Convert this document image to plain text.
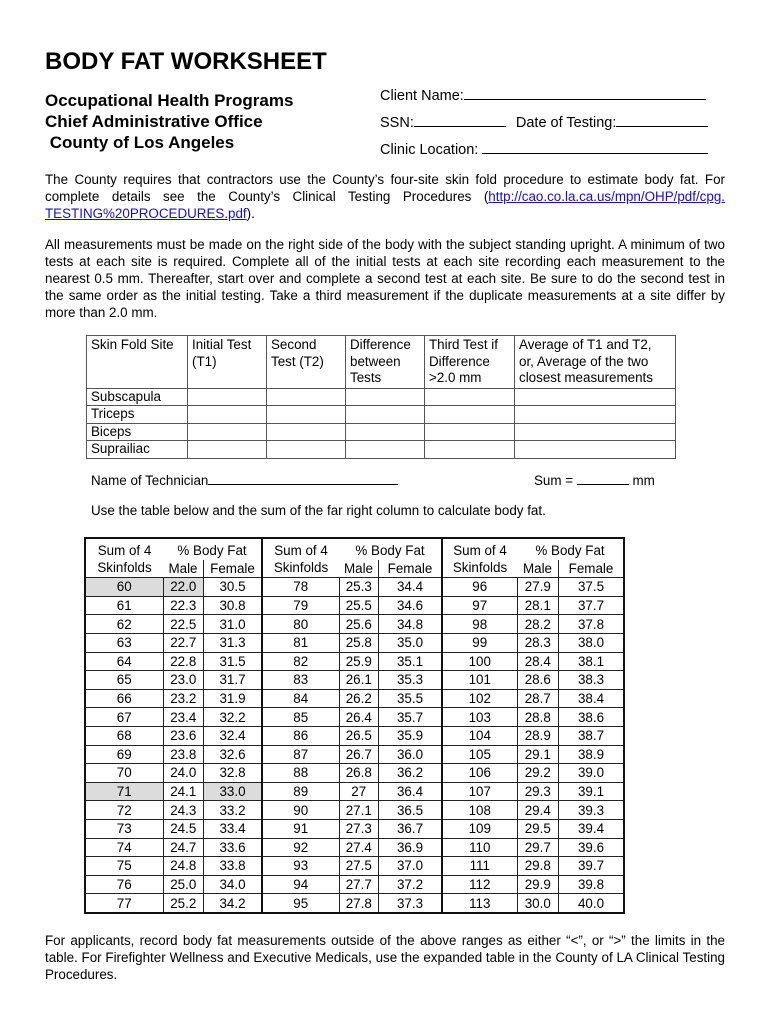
BODY FAT WORKSHEET
Occupational Health Programs
Chief Administrative Office
County of Los Angeles
Client Name:
SSN:	Date of Testing:
Clinic Location:
The County requires that contractors use the County’s four-site skin fold procedure to estimate body fat. For complete details see the County’s Clinical Testing Procedures (http://cao.co.la.ca.us/mpn/OHP/pdf/cpg. TESTING%20PROCEDURES.pdf).
All measurements must be made on the right side of the body with the subject standing upright. A minimum of two tests at each site is required. Complete all of the initial tests at each site recording each measurement to the nearest 0.5 mm. Thereafter, start over and complete a second test at each site. Be sure to do the second test in the same order as the initial testing. Take a third measurement if the duplicate measurements at a site differ by more than 2.0 mm.
Skin Fold Site	Initial Test
(T1)

Second
Test (T2)

Difference
between
Tests

Third Test if
Difference
>2.0 mm

Average of T1 and T2,
or, Average of the two
closest measurements

Subscapula					
Triceps					
Biceps					
Suprailiac					
Name of Technician	Sum =	mm
Use the table below and the sum of the far right column to calculate body fat.
Sum of 4
Skinfolds
	% Body Fat	Sum of 4
Skinfolds
	% Body Fat	Sum of 4
Skinfolds
	% Body Fat
	Male	Female		Male	Female		Male	Female
60	22.0	30.5	78	25.3	34.4	96	27.9	37.5
61	22.3	30.8	79	25.5	34.6	97	28.1	37.7
62	22.5	31.0	80	25.6	34.8	98	28.2	37.8
63	22.7	31.3	81	25.8	35.0	99	28.3	38.0
64	22.8	31.5	82	25.9	35.1	100	28.4	38.1
65	23.0	31.7	83	26.1	35.3	101	28.6	38.3
66	23.2	31.9	84	26.2	35.5	102	28.7	38.4
67	23.4	32.2	85	26.4	35.7	103	28.8	38.6
68	23.6	32.4	86	26.5	35.9	104	28.9	38.7
69	23.8	32.6	87	26.7	36.0	105	29.1	38.9
70	24.0	32.8	88	26.8	36.2	106	29.2	39.0
71	24.1	33.0	89	27	36.4	107	29.3	39.1
72	24.3	33.2	90	27.1	36.5	108	29.4	39.3
73	24.5	33.4	91	27.3	36.7	109	29.5	39.4
74	24.7	33.6	92	27.4	36.9	110	29.7	39.6
75	24.8	33.8	93	27.5	37.0	111	29.8	39.7
76	25.0	34.0	94	27.7	37.2	112	29.9	39.8
77	25.2	34.2	95	27.8	37.3	113	30.0	40.0
For applicants, record body fat measurements outside of the above ranges as either “<”, or “>” the limits in the table. For Firefighter Wellness and Executive Medicals, use the expanded table in the County of LA Clinical Testing Procedures.
